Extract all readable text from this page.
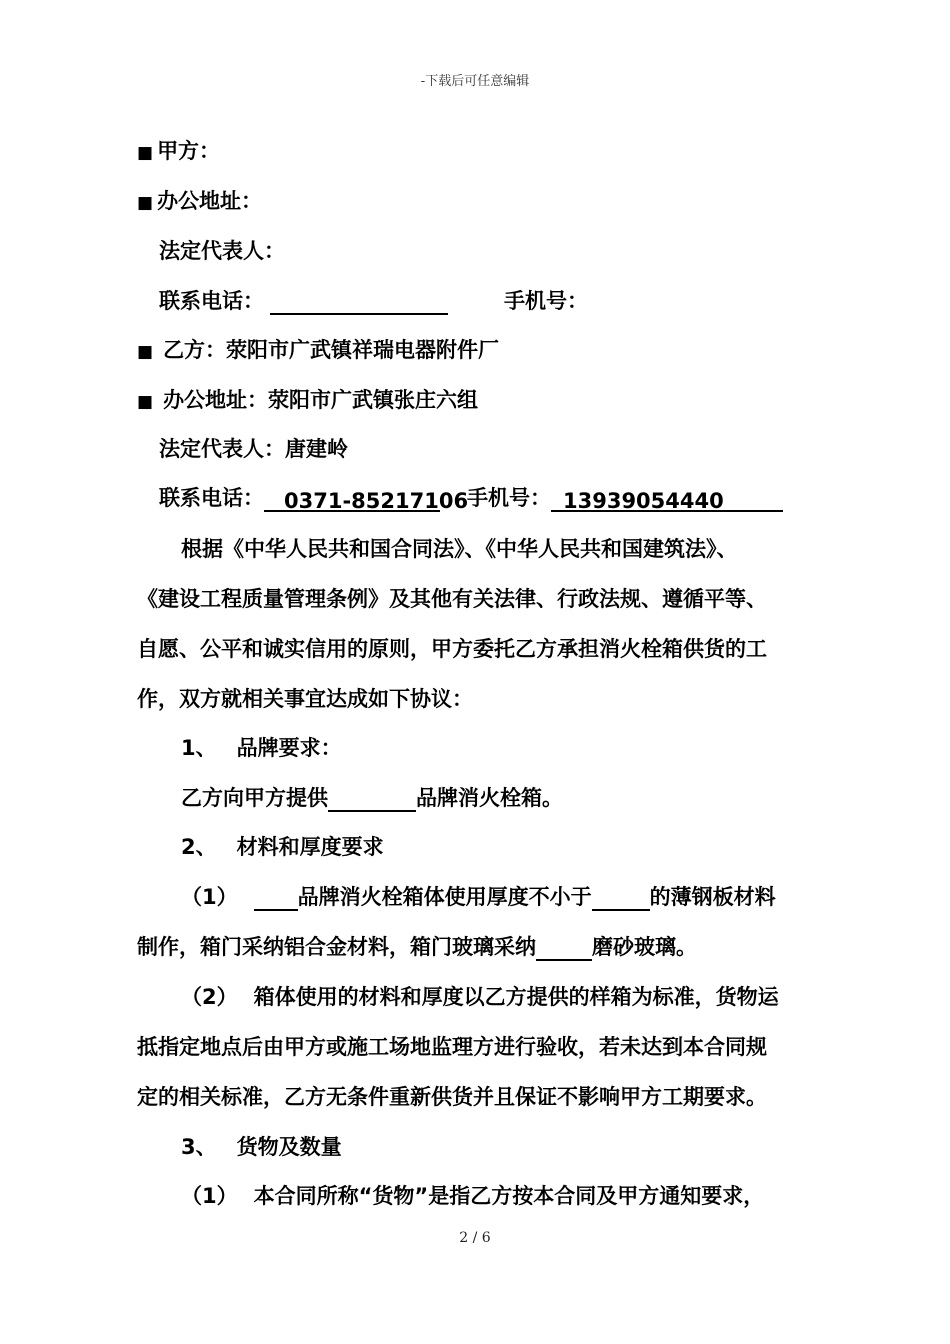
-下载后可任意编辑
■ 甲方：
■ 办公地址：
法定代表人：
联系电话：	手机号：
■ 乙方：荥阳市广武镇祥瑞电器附件厂
■ 办公地址：荥阳市广武镇张庄六组
法定代表人：唐建岭
联系电话： 0371-85217106手机号： 13939054440
根据《中华人民共和国合同法》、《中华人民共和国建筑法》、
《建设工程质量管理条例》及其他有关法律、行政法规、遵循平等、
自愿、公平和诚实信用的原则，甲方委托乙方承担消火栓箱供货的工
作，双方就相关事宜达成如下协议：
1、 品牌要求：
乙方向甲方提供	品牌消火栓箱。
2、 材料和厚度要求
（1）	品牌消火栓箱体使用厚度不小于	的薄钢板材料
制作，箱门采纳铝合金材料，箱门玻璃采纳	磨砂玻璃。
（2） 箱体使用的材料和厚度以乙方提供的样箱为标准，货物运
抵指定地点后由甲方或施工场地监理方进行验收，若未达到本合同规
定的相关标准，乙方无条件重新供货并且保证不影响甲方工期要求。
3、 货物及数量
（1） 本合同所称“货物”是指乙方按本合同及甲方通知要求，
2 / 6
